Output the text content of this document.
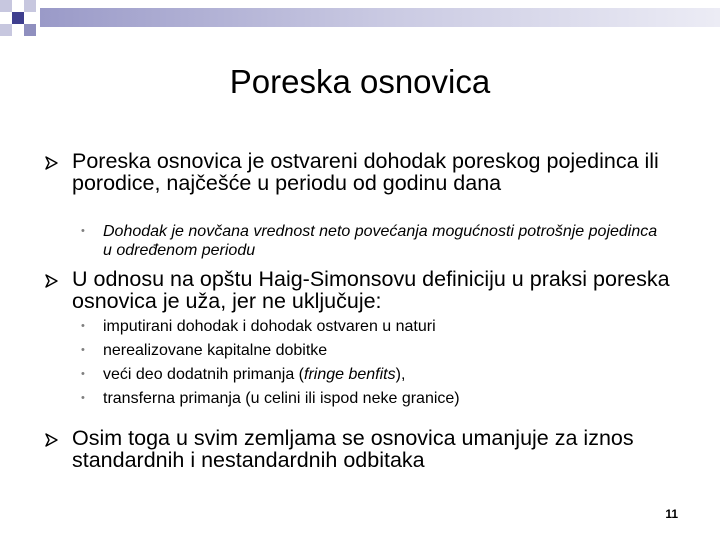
Poreska osnovica
Poreska osnovica je ostvareni dohodak poreskog pojedinca ili porodice, najčešće u periodu od godinu dana
•	Dohodak je novčana vrednost neto povećanja mogućnosti potrošnje pojedinca u određenom periodu
U odnosu na opštu Haig-Simonsovu definiciju u praksi poreska osnovica je uža, jer ne uključuje:
•	imputirani dohodak i dohodak ostvaren u naturi
•	nerealizovane kapitalne dobitke
•	veći deo dodatnih primanja (fringe benfits),
•	transferna primanja (u celini ili ispod neke granice)
Osim toga u svim zemljama se osnovica umanjuje za iznos standardnih i nestandardnih odbitaka
11
